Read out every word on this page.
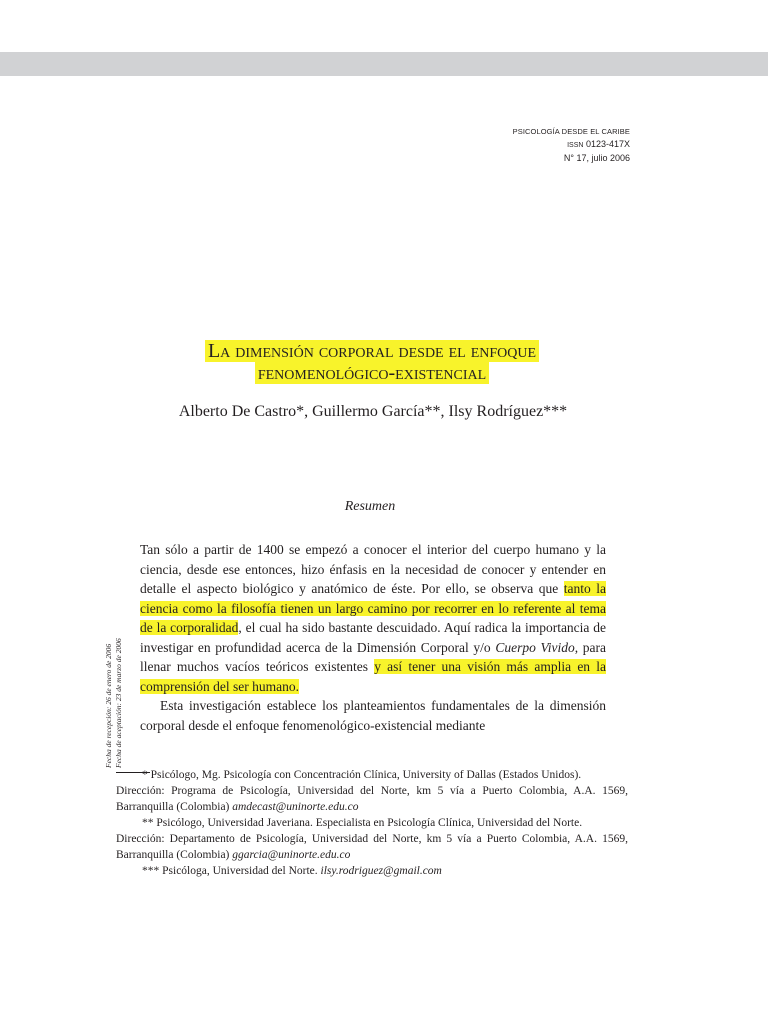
PSICOLOGÍA DESDE EL CARIBE
ISSN 0123-417X
N° 17, julio 2006
La dimensión corporal desde el enfoque
fenomenológico-existencial
Alberto De Castro*, Guillermo García**, Ilsy Rodríguez***
Resumen

Tan sólo a partir de 1400 se empezó a conocer el interior del cuerpo humano y la ciencia, desde ese entonces, hizo énfasis en la necesidad de conocer y entender en detalle el aspecto biológico y anatómico de éste. Por ello, se observa que tanto la ciencia como la filosofía tienen un largo camino por recorrer en lo referente al tema de la corporalidad, el cual ha sido bastante descuidado. Aquí radica la importancia de investigar en profundidad acerca de la Dimensión Corporal y/o Cuerpo Vivido, para llenar muchos vacíos teóricos existentes y así tener una visión más amplia en la comprensión del ser humano.

Esta investigación establece los planteamientos fundamentales de la dimensión corporal desde el enfoque fenomenológico-existencial mediante

Fecha de recepción: 26 de enero de 2006 Fecha de aceptación: 23 de marzo de 2006

* Psicólogo, Mg. Psicología con Concentración Clínica, University of Dallas (Estados Unidos).

Dirección: Programa de Psicología, Universidad del Norte, km 5 vía a Puerto Colombia, A.A. 1569, Barranquilla (Colombia) amdecast@uninorte.edu.co

** Psicólogo, Universidad Javeriana. Especialista en Psicología Clínica, Universidad del Norte.

Dirección: Departamento de Psicología, Universidad del Norte, km 5 vía a Puerto Colombia, A.A. 1569, Barranquilla (Colombia) ggarcia@uninorte.edu.co

*** Psicóloga, Universidad del Norte. ilsy.rodriguez@gmail.com
